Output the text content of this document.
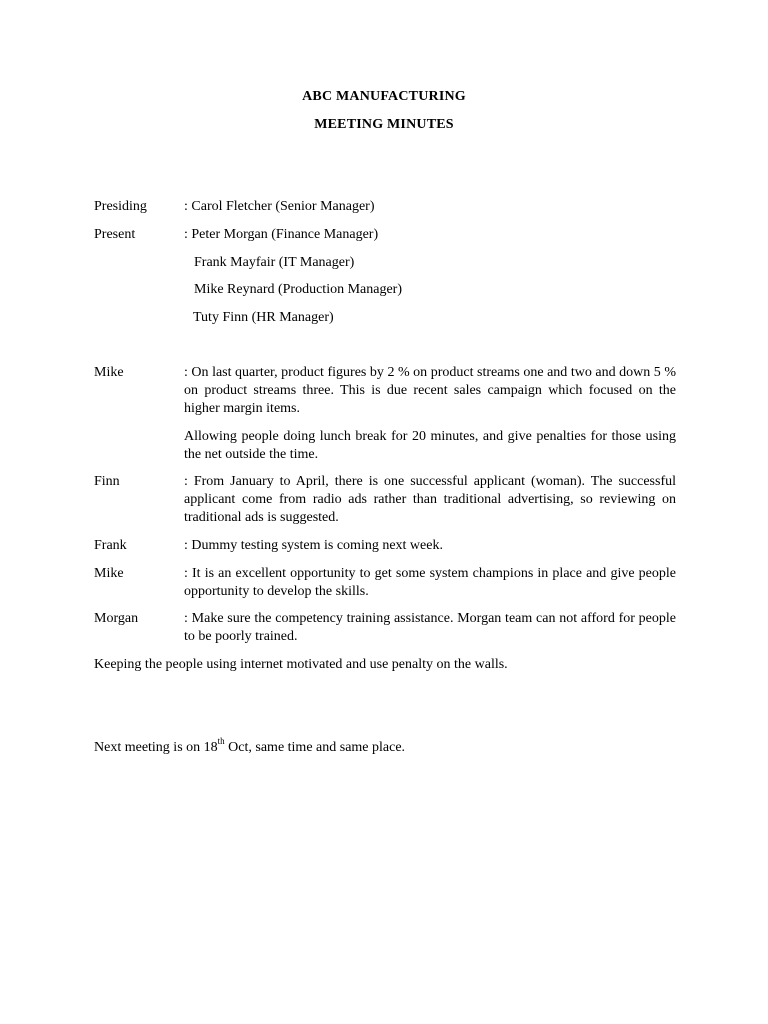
ABC MANUFACTURING
MEETING MINUTES
Presiding	: Carol Fletcher (Senior Manager)
Present	: Peter Morgan (Finance Manager)
Frank Mayfair (IT Manager)
Mike Reynard (Production Manager)
Tuty Finn (HR Manager)
Mike	: On last quarter, product figures by 2 % on product streams one and two and down 5 % on product streams three. This is due recent sales campaign which focused on the higher margin items.
Allowing people doing lunch break for 20 minutes, and give penalties for those using the net outside the time.
Finn	: From January to April, there is one successful applicant (woman). The successful applicant come from radio ads rather than traditional advertising, so reviewing on traditional ads is suggested.
Frank	: Dummy testing system is coming next week.
Mike	: It is an excellent opportunity to get some system champions in place and give people opportunity to develop the skills.
Morgan	: Make sure the competency training assistance. Morgan team can not afford for people to be poorly trained.
Keeping the people using internet motivated and use penalty on the walls.
Next meeting is on 18th Oct, same time and same place.
